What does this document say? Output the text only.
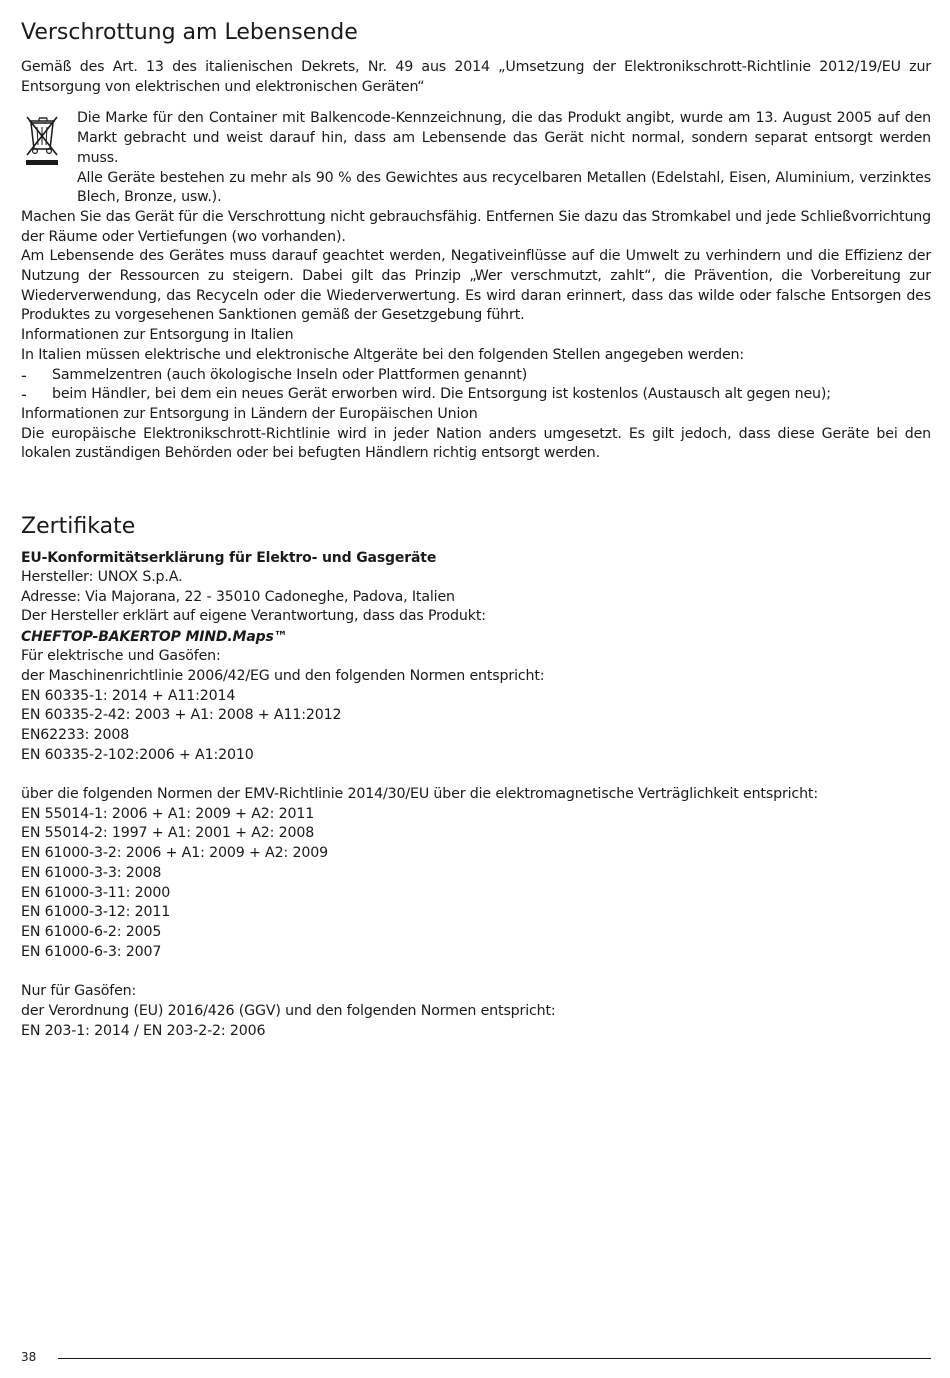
Verschrottung am Lebensende

Gemäß des Art. 13 des italienischen Dekrets, Nr. 49 aus 2014 „Umsetzung der Elektronikschrott-Richtlinie 2012/19/EU zur Entsorgung von elektrischen und elektronischen Geräten“

Die Marke für den Container mit Balkencode-Kennzeichnung, die das Produkt angibt, wurde am 13. August 2005 auf den Markt gebracht und weist darauf hin, dass am Lebensende das Gerät nicht normal, sondern separat entsorgt werden muss.

Alle Geräte bestehen zu mehr als 90 % des Gewichtes aus recycelbaren Metallen (Edelstahl, Eisen, Aluminium, verzinktes Blech, Bronze, usw.).

Machen Sie das Gerät für die Verschrottung nicht gebrauchsfähig. Entfernen Sie dazu das Stromkabel und jede Schließvorrichtung der Räume oder Vertiefungen (wo vorhanden).

Am Lebensende des Gerätes muss darauf geachtet werden, Negativeinflüsse auf die Umwelt zu verhindern und die Effizienz der Nutzung der Ressourcen zu steigern. Dabei gilt das Prinzip „Wer verschmutzt, zahlt“, die Prävention, die Vorbereitung zur Wiederverwendung, das Recyceln oder die Wiederverwertung. Es wird daran erinnert, dass das wilde oder falsche Entsorgen des Produktes zu vorgesehenen Sanktionen gemäß der Gesetzgebung führt.

Informationen zur Entsorgung in Italien

In Italien müssen elektrische und elektronische Altgeräte bei den folgenden Stellen angegeben werden:

- Sammelzentren (auch ökologische Inseln oder Plattformen genannt)

-	beim Händler, bei dem ein neues Gerät erworben wird. Die Entsorgung ist kostenlos (Austausch alt gegen neu);

Informationen zur Entsorgung in Ländern der Europäischen Union

Die europäische Elektronikschrott-Richtlinie wird in jeder Nation anders umgesetzt. Es gilt jedoch, dass diese Geräte bei den lokalen zuständigen Behörden oder bei befugten Händlern richtig entsorgt werden.

Zertifikate

EU-Konformitätserklärung für Elektro- und Gasgeräte

Hersteller: UNOX S.p.A.

Adresse: Via Majorana, 22 - 35010 Cadoneghe, Padova, Italien

Der Hersteller erklärt auf eigene Verantwortung, dass das Produkt:

CHEFTOP-BAKERTOP MIND.Maps™

Für elektrische und Gasöfen:

der Maschinenrichtlinie 2006/42/EG und den folgenden Normen entspricht:

EN 60335-1: 2014 + A11:2014

EN 60335-2-42: 2003 + A1: 2008 + A11:2012

EN62233: 2008

EN 60335-2-102:2006 + A1:2010

über die folgenden Normen der EMV-Richtlinie 2014/30/EU über die elektromagnetische Verträglichkeit entspricht:

EN 55014-1: 2006 + A1: 2009 + A2: 2011

EN 55014-2: 1997 + A1: 2001 + A2: 2008

EN 61000-3-2: 2006 + A1: 2009 + A2: 2009

EN 61000-3-3: 2008

EN 61000-3-11: 2000

EN 61000-3-12: 2011

EN 61000-6-2: 2005

EN 61000-6-3: 2007

Nur für Gasöfen:

der Verordnung (EU) 2016/426 (GGV) und den folgenden Normen entspricht:

EN 203-1: 2014 / EN 203-2-2: 2006

38
